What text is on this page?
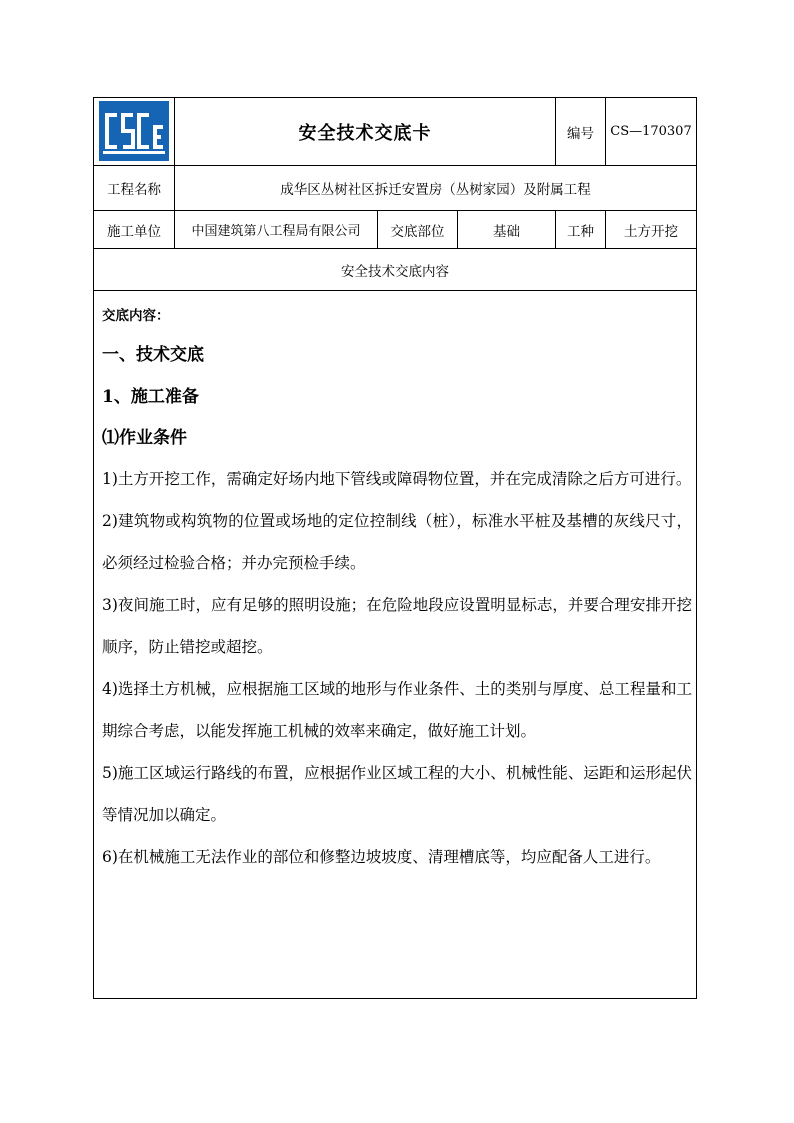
安全技术交底卡	编号	CS—170307
工程名称	成华区丛树社区拆迁安置房（丛树家园）及附属工程
施工单位	中国建筑第八工程局有限公司	交底部位	基础	工种	土方开挖
安全技术交底内容
交底内容：
一、技术交底
1、施工准备
⑴作业条件

1)土方开挖工作，需确定好场内地下管线或障碍物位置，并在完成清除之后方可进行。

2)建筑物或构筑物的位置或场地的定位控制线（桩），标准水平桩及基槽的灰线尺寸，必须经过检验合格；并办完预检手续。

3)夜间施工时，应有足够的照明设施；在危险地段应设置明显标志，并要合理安排开挖顺序，防止错挖或超挖。

4)选择土方机械，应根据施工区域的地形与作业条件、土的类别与厚度、总工程量和工期综合考虑，以能发挥施工机械的效率来确定，做好施工计划。

5)施工区域运行路线的布置，应根据作业区域工程的大小、机械性能、运距和运形起伏等情况加以确定。

6)在机械施工无法作业的部位和修整边坡坡度、清理槽底等，均应配备人工进行。
